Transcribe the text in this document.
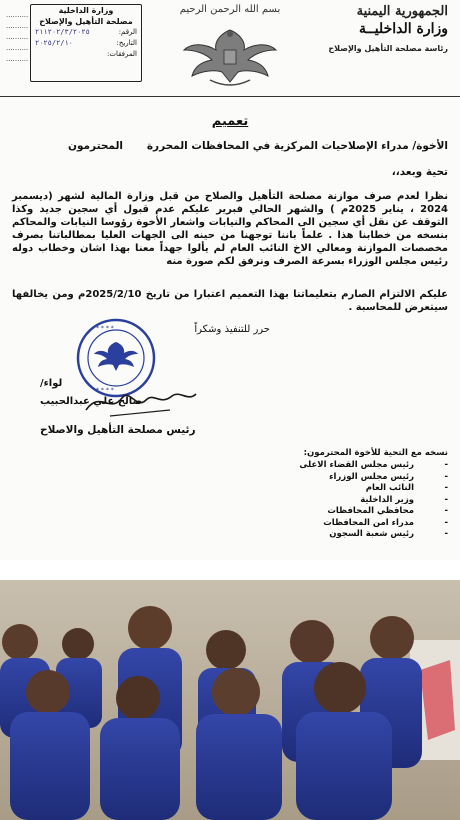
الجمهورية اليمنية
وزارة الداخليــة
رئاسة مصلحة التأهيل والإصلاح
بسم الله الرحمن الرحيم
..........
..........
..........
..........
..........
وزارة الداخلية
مصلحة التأهيل والإصلاح
الرقم:
٢١١٢٠٢/٣/٢٠٢٥
التاريخ:
٢٠٢٥/٢/١٠
المرفقات:
تعميم
الأخوة/ مدراء الإصلاحيات المركزية في المحافظات المحررة
المحترمون
تحية وبعد،،
نظرا لعدم صرف موازنة مصلحة التأهيل والصلاح من قبل وزارة المالية لشهر (ديسمبر 2024 ، يناير 2025م ) والشهر الحالي فبرير عليكم عدم قبول أي سجين جديد وكذا التوقف عن نقل أي سجين الى المحاكم والنيابات واشعار الأخوة رؤوسا النيابات والمحاكم بنسخه من خطابنا هذا . علماً باننا توجهنا من حينه الى الجهات العليا بمطالباتنا بصرف مخصصات الموازنة ومعالي الاخ النائب العام لم يألوا جهداً معنا بهذا اشان وخطاب دوله رئيس مجلس الوزراء بسرعة الصرف ونرفق لكم صورة منه
عليكم الالتزام الصارم بتعليماتنا بهذا التعميم اعتبارا من تاريخ 2025/2/10م ومن يخالفها سيتعرض للمحاسبة .
حرر للتنفيذ وشكراً
* * * *
* * * *
لواء/
صالح علي عبدالحبيب
رئيس مصلحة التأهيل والاصلاح
نسخه مع التحية للأخوة المحترمون:
- رئيس مجلس القضاء الاعلى
- رئيس مجلس الوزراء
- النائب العام
- وزير الداخلية
- محافظي المحافظات
- مدراء امن المحافظات
- رئيس شعبة السجون
